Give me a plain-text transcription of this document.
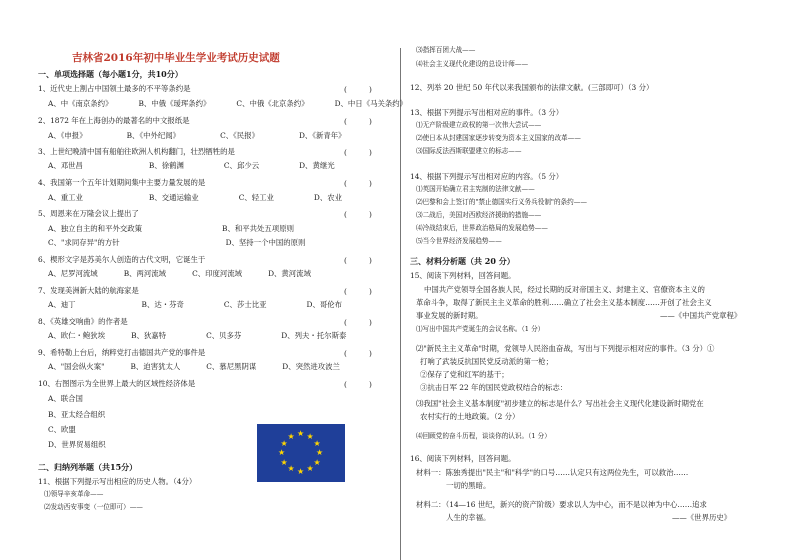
吉林省2016年初中毕业生学业考试历史试题
一、单项选择题（每小题1分，共10分）
1、近代史上割占中国领土最多的不平等条约是	(　　　)
A、中《南京条约》	B、中俄《瑷珲条约》	C、中俄《北京条约》	D、中日《马关条约》
2、1872 年在上海创办的最著名的中文报纸是	(　　　)
A、《申报》	B、《中外纪闻》	C、《民报》	D、《新青年》
3、上世纪晚清中国有船舶往欧洲人机构翻门，壮烈牺牲的是	(　　　)
A、邓世昌	B、徐鹤渊	C、邱少云	D、黄继光
4、我国第一个五年计划期间集中主要力量发展的是	(　　　)
A、重工业	B、交通运输业	C、轻工业	D、农业
5、周恩来在万隆会议上提出了	(　　　)
A、独立自主的和平外交政策	B、和平共处五项原则
C、"求同存异"的方针	D、坚持一个中国的原则
6、楔形文字是苏美尔人创造的古代文明，它诞生于	(　　　)
A、尼罗河流域	B、两河流域	C、印度河流域	D、黄河流域
7、发现美洲新大陆的航海家是	(　　　)
A、迪丁	B、达・芬奇	C、莎士比亚	D、哥伦布
8、《英雄交响曲》的作者是	(　　　)
A、欧仁・鲍狄埃	B、狄嘉特	C、贝多芬	D、列夫・托尔斯泰
9、希特勒上台后，纳粹党打击德国共产党的事件是	(　　　)
A、"国会纵火案"	B、迫害犹太人	C、慕尼黑阴谋	D、突然进攻波兰
10、右图图示为全世界上最大的区域性经济体是	(　　　)
A、联合国
B、亚太经合组织
C、欧盟
D、世界贸易组织
二、归纳列举题（共15分）
11、根据下列提示写出相应的历史人物。（4分）
⑴领导辛亥革命——
⑵发动西安事变（一位即可）——
★ ★
★
★
★
★
★
★
★
★
★
★
⑶指挥百团大战——
⑷社会主义现代化建设的总设计师——
12、列举 20 世纪 50 年代以来我国颁布的法律文献。(三部即可）（3 分）
13、根据下列提示写出相对应的事件。（3 分）
⑴无产阶级建立政权的第一次伟大尝试——
⑵使日本从封建国家逐步转变为资本主义国家的改革——
⑶国际反法西斯联盟建立的标志——
14、根据下列提示写出相对应的内容。（5 分）
⑴英国开始确立君主宪制的法律文献——
⑵巴黎和会上签订的"禁止德国实行义务兵役制"的条约——
⑶二战后，美国对西欧经济援助的措施——
⑷冷战结束后，世界政治格局的发展趋势——
⑸当今世界经济发展趋势——
三、材料分析题（共 20 分）
15、阅读下列材料，回答问题。
中国共产党领导全国各族人民，经过长期的反对帝国主义、封建主义、官僚资本主义的
革命斗争，取得了新民主主义革命的胜利……确立了社会主义基本制度……开创了社会主义
事业发展的新时期。	——《中国共产党章程》
⑴写出中国共产党诞生的会议名称。（1 分）
⑵"新民主主义革命"时期，党领导人民浴血奋战，写出与下列提示相对应的事件。（3 分）①
打响了武装反抗国民党反动派的第一枪；
②保存了党和红军的基干；
③抗击日军 22 年的国民党政权结合的标志：
⑶我国"社会主义基本制度"初步建立的标志是什么？写出社会主义现代化建设新时期党在
农村实行的土地政策。（2 分）
⑷回顾党的奋斗历程，谈谈你的认识。（1 分）
16、阅读下列材料，回答问题。
材料一：陈独秀提出"民主"和"科学"的口号……认定只有这两位先生，可以救治……
一切的黑暗。
材料二：（14—16 世纪，新兴的资产阶级）要求以人为中心，而不是以神为中心……追求
人生的幸福。	——《世界历史》
